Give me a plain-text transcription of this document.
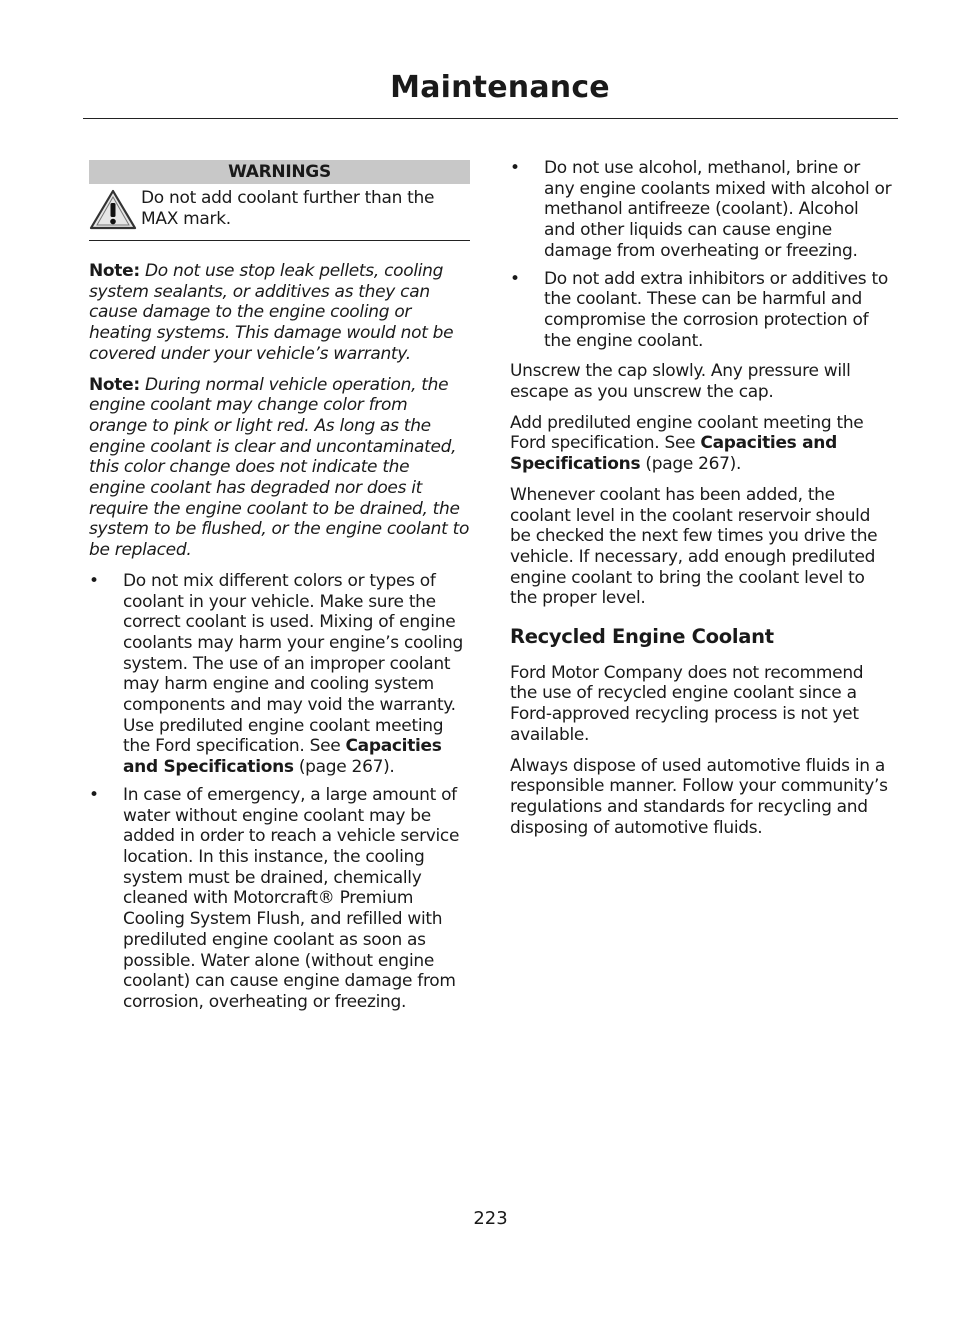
Maintenance
WARNINGS
Do not add coolant further than the MAX mark.

Note: Do not use stop leak pellets, cooling system sealants, or additives as they can cause damage to the engine cooling or heating systems. This damage would not be covered under your vehicle’s warranty.

Note: During normal vehicle operation, the engine coolant may change color from orange to pink or light red. As long as the engine coolant is clear and uncontaminated, this color change does not indicate the engine coolant has degraded nor does it require the engine coolant to be drained, the system to be flushed, or the engine coolant to be replaced.

• Do not mix different colors or types of coolant in your vehicle. Make sure the correct coolant is used. Mixing of engine coolants may harm your engine’s cooling system. The use of an improper coolant may harm engine and cooling system components and may void the warranty. Use prediluted engine coolant meeting the Ford specification. See Capacities and Specifications (page 267).
• In case of emergency, a large amount of water without engine coolant may be added in order to reach a vehicle service location. In this instance, the cooling system must be drained, chemically cleaned with Motorcraft® Premium Cooling System Flush, and refilled with prediluted engine coolant as soon as possible. Water alone (without engine coolant) can cause engine damage from corrosion, overheating or freezing.
• Do not use alcohol, methanol, brine or any engine coolants mixed with alcohol or methanol antifreeze (coolant). Alcohol and other liquids can cause engine damage from overheating or freezing.
• Do not add extra inhibitors or additives to the coolant. These can be harmful and compromise the corrosion protection of the engine coolant.

Unscrew the cap slowly. Any pressure will escape as you unscrew the cap.

Add prediluted engine coolant meeting the Ford specification. See Capacities and Specifications (page 267).

Whenever coolant has been added, the coolant level in the coolant reservoir should be checked the next few times you drive the vehicle. If necessary, add enough prediluted engine coolant to bring the coolant level to the proper level.

Recycled Engine Coolant

Ford Motor Company does not recommend the use of recycled engine coolant since a Ford-approved recycling process is not yet available.

Always dispose of used automotive fluids in a responsible manner. Follow your community’s regulations and standards for recycling and disposing of automotive fluids.

223
